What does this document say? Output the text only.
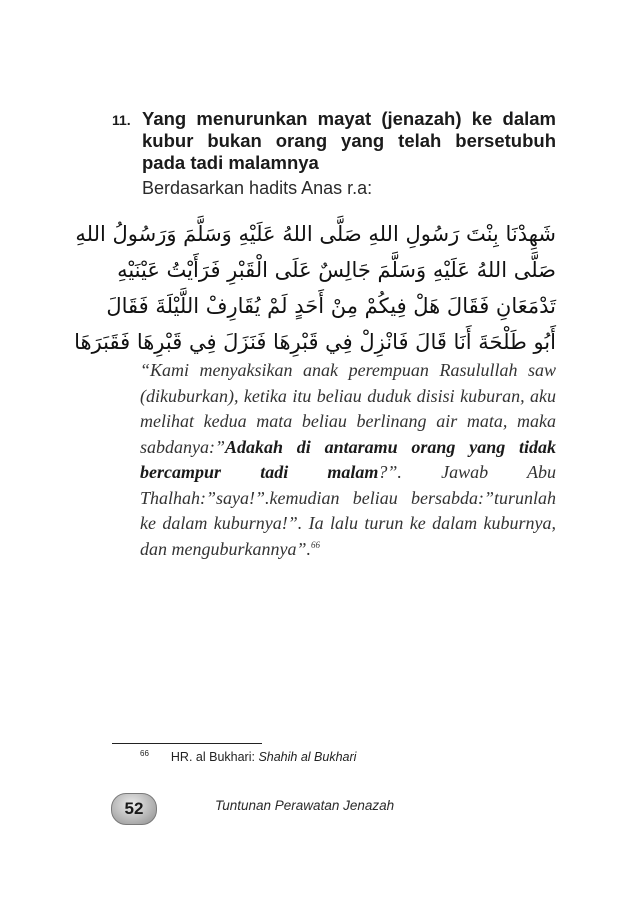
11. Yang menurunkan mayat (jenazah) ke dalam kubur bukan orang yang telah bersetubuh pada tadi malamnya

Berdasarkan hadits Anas r.a:

شَهِدْنَا بِنْتَ رَسُولِ اللهِ صَلَّى اللهُ عَلَيْهِ وَسَلَّمَ وَرَسُولُ اللهِ
صَلَّى اللهُ عَلَيْهِ وَسَلَّمَ جَالِسٌ عَلَى الْقَبْرِ فَرَأَيْتُ عَيْنَيْهِ
تَدْمَعَانِ فَقَالَ هَلْ فِيكُمْ مِنْ أَحَدٍ لَمْ يُقَارِفْ اللَّيْلَةَ فَقَالَ
أَبُو طَلْحَةَ أَنَا قَالَ فَانْزِلْ فِي قَبْرِهَا فَنَزَلَ فِي قَبْرِهَا فَقَبَرَهَا

“Kami menyaksikan anak perempuan Rasulullah saw (dikuburkan), ketika itu beliau duduk disisi kuburan, aku melihat kedua mata beliau berlinang air mata, maka sabdanya:”Adakah di antaramu orang yang tidak bercampur tadi malam?”. Jawab Abu Thalhah:”saya!”.kemudian beliau bersabda:”turunlah ke dalam kuburnya!”. Ia lalu turun ke dalam kuburnya, dan menguburkannya”.$^{66}$

$^{66}$ HR. al Bukhari: Shahih al Bukhari
52	Tuntunan Perawatan Jenazah
